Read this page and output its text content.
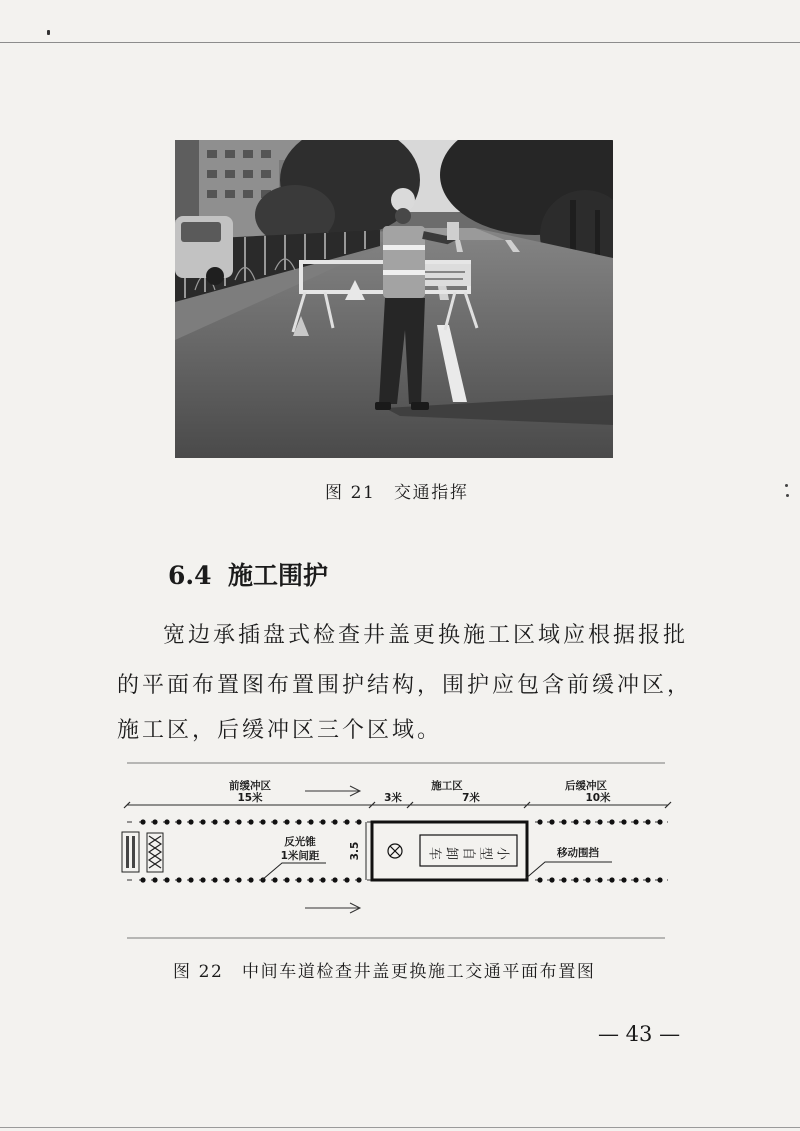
图 21　交通指挥
6.4 施工围护
宽边承插盘式检查井盖更换施工区域应根据报批
的平面布置图布置围护结构，围护应包含前缓冲区，
施工区，后缓冲区三个区域。
前缓冲区	施工区	后缓冲区
15米	3米	7米	10米
3.5
反光锥
1米间距	移动围挡
小型自卸车
图 22　中间车道检查井盖更换施工交通平面布置图
— 43 —
